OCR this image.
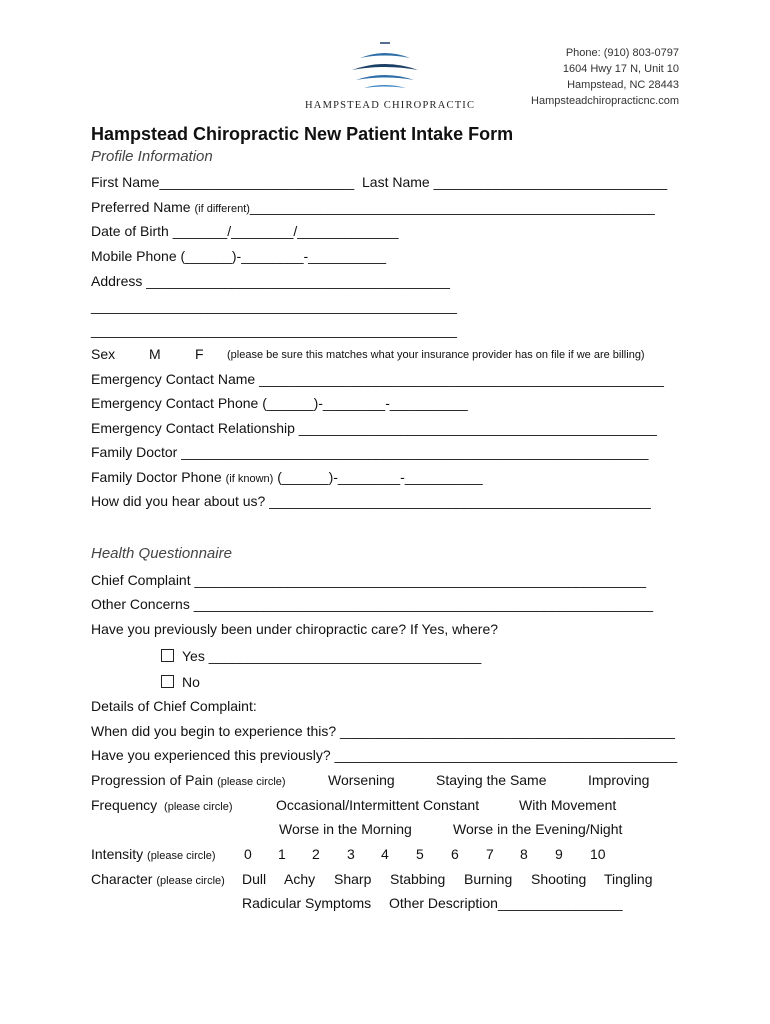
HAMPSTEAD CHIROPRACTIC
Phone: (910) 803-0797
1604 Hwy 17 N, Unit 10
Hampstead, NC 28443
Hampsteadchiropracticnc.com
Hampstead Chiropractic New Patient Intake Form
Profile Information
First Name_________________________ Last Name ______________________________
Preferred Name (if different)____________________________________________________
Date of Birth _______/________/_____________
Mobile Phone (______)-________-__________
Address _______________________________________
_______________________________________________
_______________________________________________
Sex M F (please be sure this matches what your insurance provider has on file if we are billing)
Emergency Contact Name ____________________________________________________
Emergency Contact Phone (______)-________-__________
Emergency Contact Relationship ______________________________________________
Family Doctor ____________________________________________________________
Family Doctor Phone (if known) (______)-________-__________
How did you hear about us? _________________________________________________
Health Questionnaire
Chief Complaint __________________________________________________________
Other Concerns ___________________________________________________________
Have you previously been under chiropractic care? If Yes, where?
Yes ___________________________________
No
Details of Chief Complaint:
When did you begin to experience this? ___________________________________________
Have you experienced this previously? ____________________________________________
Progression of Pain (please circle)	Worsening	Staying the Same	Improving
Frequency (please circle)	Occasional/Intermittent Constant	With Movement
Worse in the Morning	Worse in the Evening/Night
Intensity (please circle) 0 1 2 3 4 5 6 7 8 9 10
Character (please circle) Dull Achy Sharp Stabbing Burning Shooting Tingling
Radicular Symptoms Other Description________________
